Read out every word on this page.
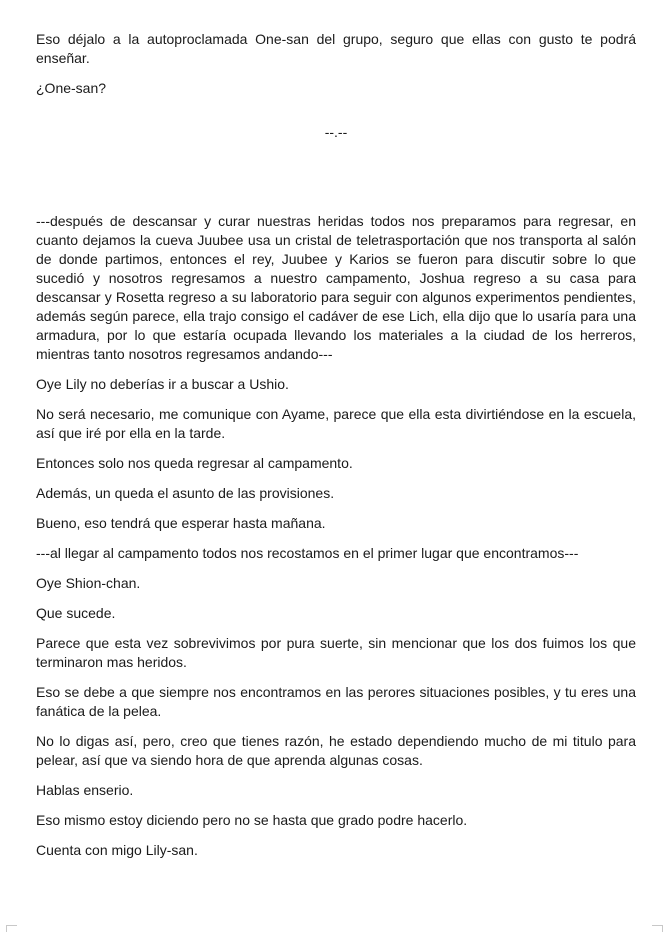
Eso déjalo a la autoproclamada One-san del grupo, seguro que ellas con gusto te podrá enseñar.

¿One-san?

--.--

---después de descansar y curar nuestras heridas todos nos preparamos para regresar, en cuanto dejamos la cueva Juubee usa un cristal de teletrasportación que nos transporta al salón de donde partimos, entonces el rey, Juubee y Karios se fueron para discutir sobre lo que sucedió y nosotros regresamos a nuestro campamento, Joshua regreso a su casa para descansar y Rosetta regreso a su laboratorio para seguir con algunos experimentos pendientes, además según parece, ella trajo consigo el cadáver de ese Lich, ella dijo que lo usaría para una armadura, por lo que estaría ocupada llevando los materiales a la ciudad de los herreros, mientras tanto nosotros regresamos andando---

Oye Lily no deberías ir a buscar a Ushio.

No será necesario, me comunique con Ayame, parece que ella esta divirtiéndose en la escuela, así que iré por ella en la tarde.

Entonces solo nos queda regresar al campamento.

Además, un queda el asunto de las provisiones.

Bueno, eso tendrá que esperar hasta mañana.

---al llegar al campamento todos nos recostamos en el primer lugar que encontramos---

Oye Shion-chan.

Que sucede.

Parece que esta vez sobrevivimos por pura suerte, sin mencionar que los dos fuimos los que terminaron mas heridos.

Eso se debe a que siempre nos encontramos en las perores situaciones posibles, y tu eres una fanática de la pelea.

No lo digas así, pero, creo que tienes razón, he estado dependiendo mucho de mi titulo para pelear, así que va siendo hora de que aprenda algunas cosas.

Hablas enserio.

Eso mismo estoy diciendo pero no se hasta que grado podre hacerlo.

Cuenta con migo Lily-san.
